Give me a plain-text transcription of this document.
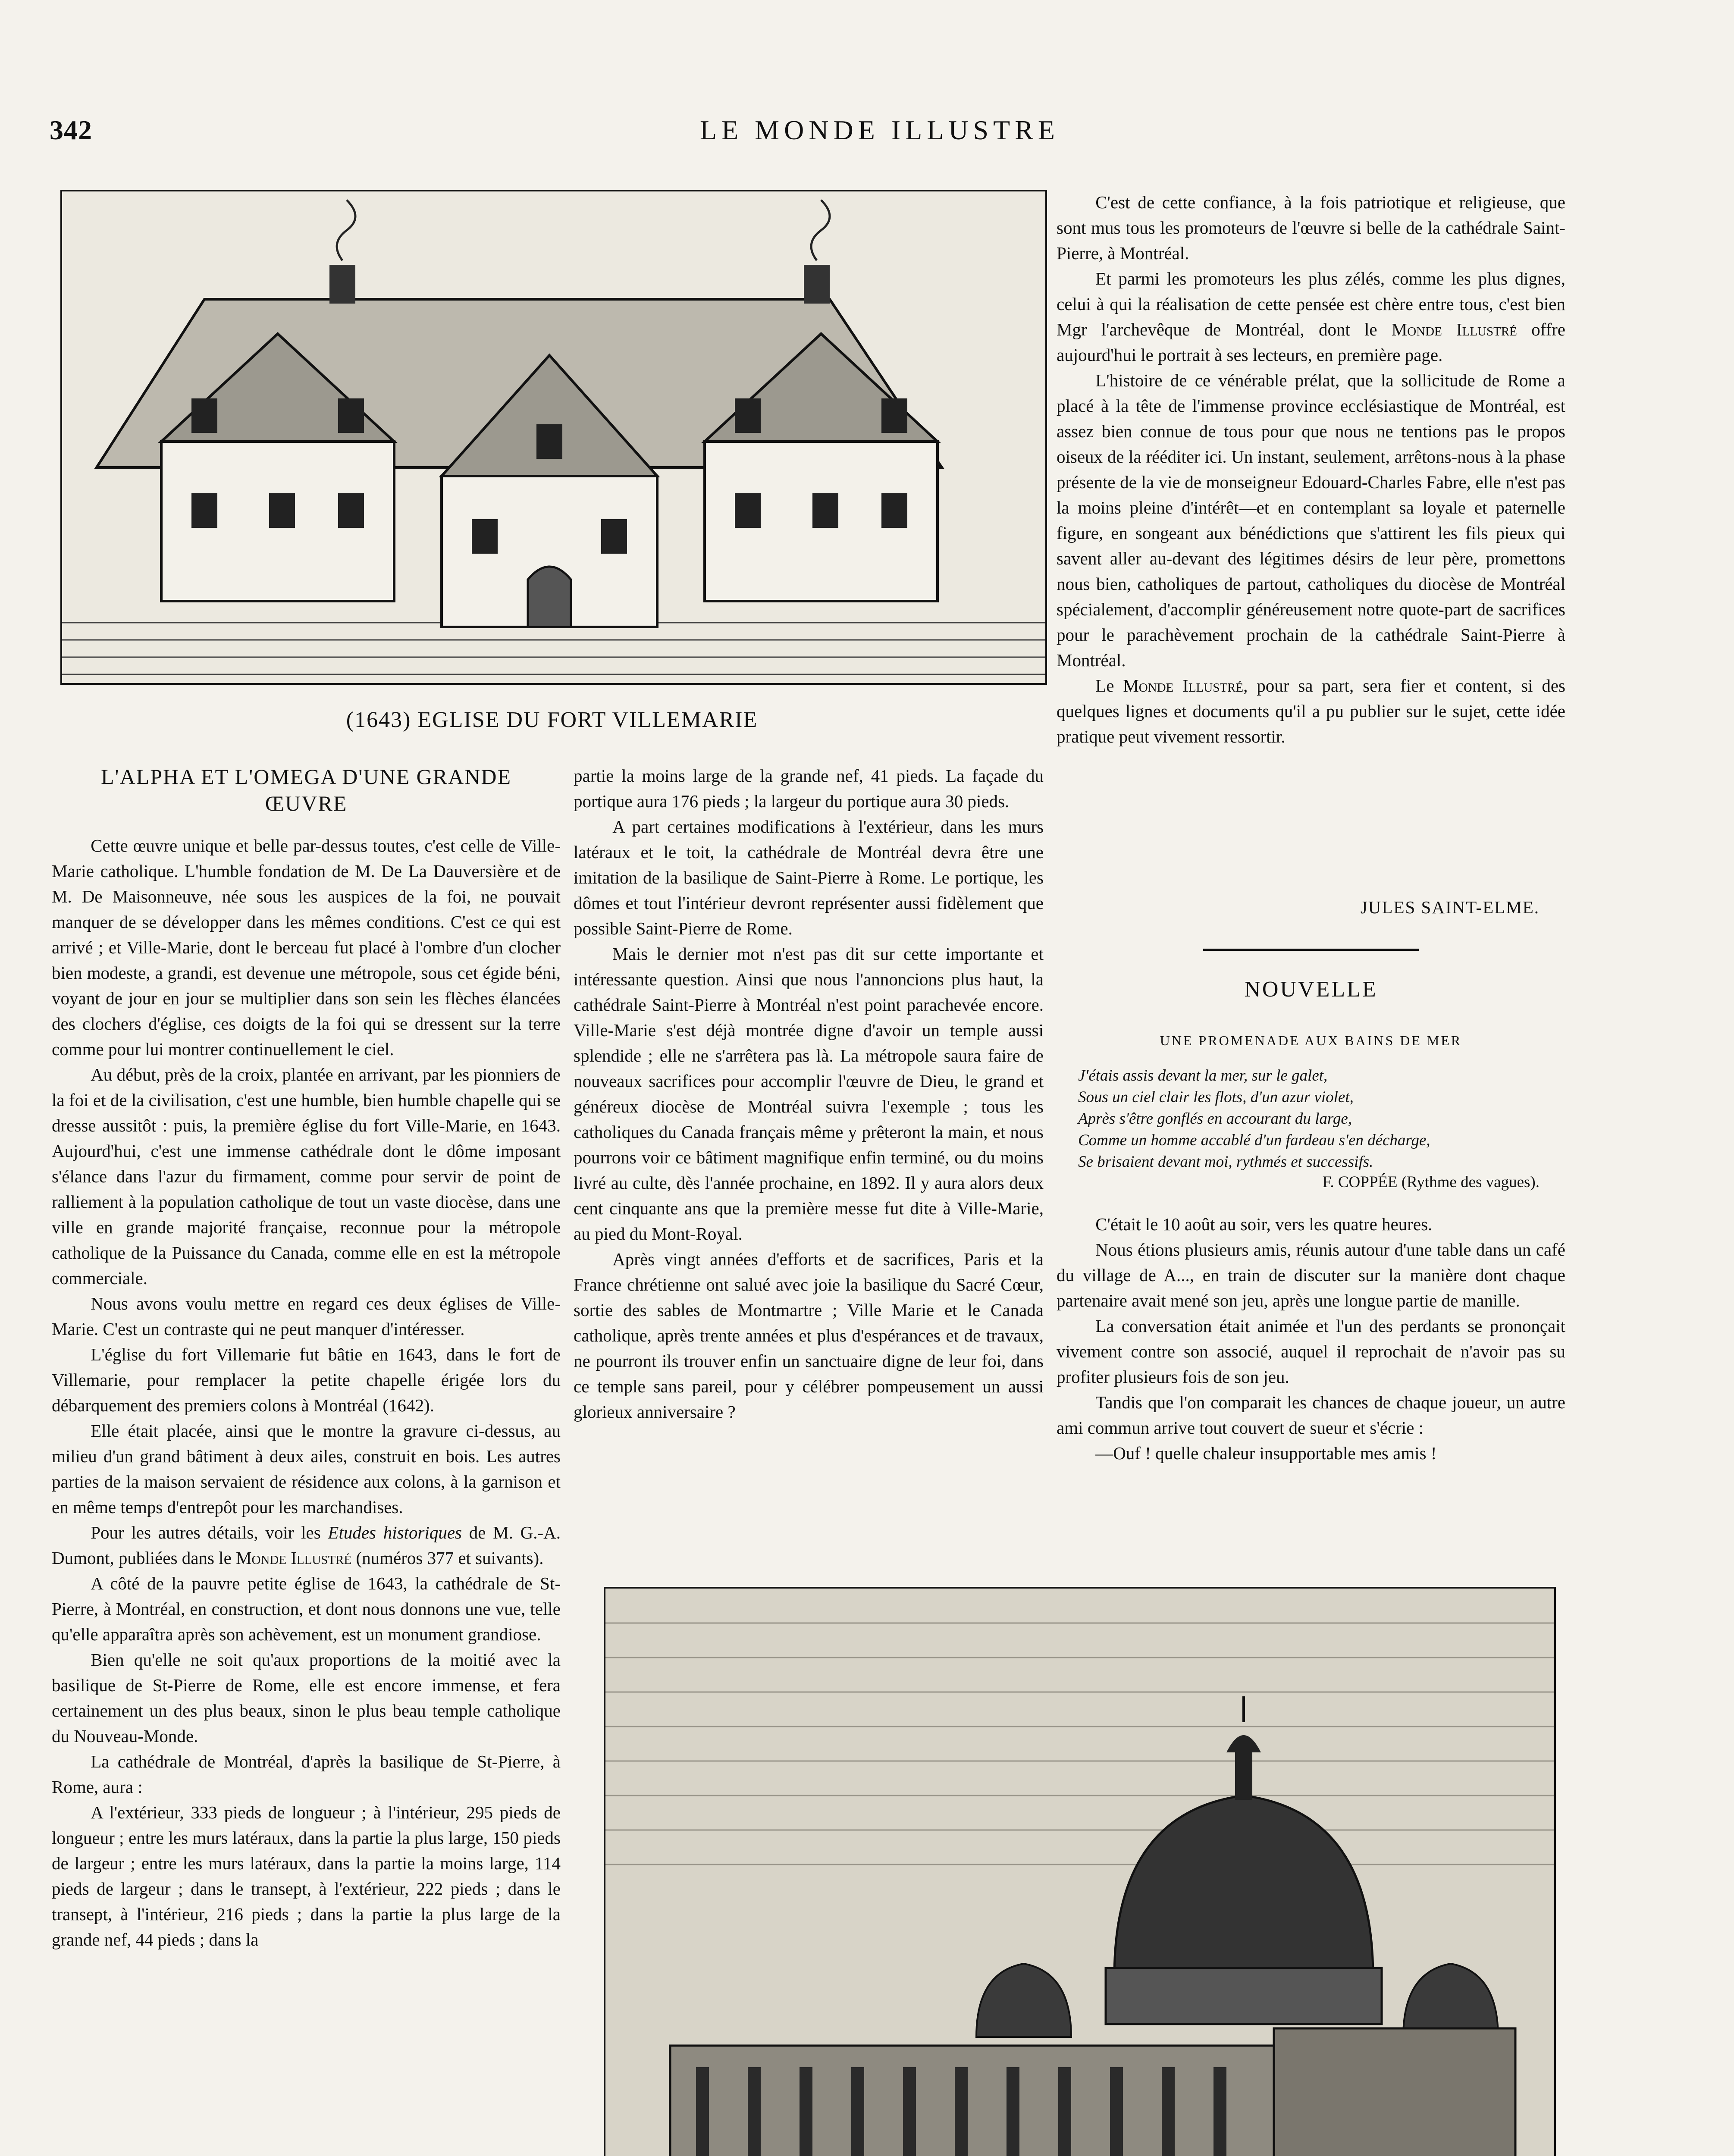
342	LE MONDE ILLUSTRE
(1643) EGLISE DU FORT VILLEMARIE
L'ALPHA ET L'OMEGA D'UNE GRANDE
ŒUVRE

Cette œuvre unique et belle par-dessus toutes, c'est celle de Ville-Marie catholique. L'humble fondation de M. De La Dauversière et de M. De Maisonneuve, née sous les auspices de la foi, ne pouvait manquer de se développer dans les mêmes conditions. C'est ce qui est arrivé ; et Ville-Marie, dont le berceau fut placé à l'ombre d'un clocher bien modeste, a grandi, est devenue une métropole, sous cet égide béni, voyant de jour en jour se multiplier dans son sein les flèches élancées des clochers d'église, ces doigts de la foi qui se dressent sur la terre comme pour lui montrer continuellement le ciel.

Au début, près de la croix, plantée en arrivant, par les pionniers de la foi et de la civilisation, c'est une humble, bien humble chapelle qui se dresse aussitôt : puis, la première église du fort Ville-Marie, en 1643. Aujourd'hui, c'est une immense cathédrale dont le dôme imposant s'élance dans l'azur du firmament, comme pour servir de point de ralliement à la population catholique de tout un vaste diocèse, dans une ville en grande majorité française, reconnue pour la métropole catholique de la Puissance du Canada, comme elle en est la métropole commerciale.

Nous avons voulu mettre en regard ces deux églises de Ville-Marie. C'est un contraste qui ne peut manquer d'intéresser.

L'église du fort Villemarie fut bâtie en 1643, dans le fort de Villemarie, pour remplacer la petite chapelle érigée lors du débarquement des premiers colons à Montréal (1642).

Elle était placée, ainsi que le montre la gravure ci-dessus, au milieu d'un grand bâtiment à deux ailes, construit en bois. Les autres parties de la maison servaient de résidence aux colons, à la garnison et en même temps d'entrepôt pour les marchandises.

Pour les autres détails, voir les Etudes historiques de M. G.-A. Dumont, publiées dans le Monde Illustré (numéros 377 et suivants).

A côté de la pauvre petite église de 1643, la cathédrale de St-Pierre, à Montréal, en construction, et dont nous donnons une vue, telle qu'elle apparaîtra après son achèvement, est un monument grandiose.

Bien qu'elle ne soit qu'aux proportions de la moitié avec la basilique de St-Pierre de Rome, elle est encore immense, et fera certainement un des plus beaux, sinon le plus beau temple catholique du Nouveau-Monde.

La cathédrale de Montréal, d'après la basilique de St-Pierre, à Rome, aura :

A l'extérieur, 333 pieds de longueur ; à l'intérieur, 295 pieds de longueur ; entre les murs latéraux, dans la partie la plus large, 150 pieds de largeur ; entre les murs latéraux, dans la partie la moins large, 114 pieds de largeur ; dans le transept, à l'extérieur, 222 pieds ; dans le transept, à l'intérieur, 216 pieds ; dans la partie la plus large de la grande nef, 44 pieds ; dans la

partie la moins large de la grande nef, 41 pieds. La façade du portique aura 176 pieds ; la largeur du portique aura 30 pieds.

A part certaines modifications à l'extérieur, dans les murs latéraux et le toit, la cathédrale de Montréal devra être une imitation de la basilique de Saint-Pierre à Rome. Le portique, les dômes et tout l'intérieur devront représenter aussi fidèlement que possible Saint-Pierre de Rome.

Mais le dernier mot n'est pas dit sur cette importante et intéressante question. Ainsi que nous l'annoncions plus haut, la cathédrale Saint-Pierre à Montréal n'est point parachevée encore. Ville-Marie s'est déjà montrée digne d'avoir un temple aussi splendide ; elle ne s'arrêtera pas là. La métropole saura faire de nouveaux sacrifices pour accomplir l'œuvre de Dieu, le grand et généreux diocèse de Montréal suivra l'exemple ; tous les catholiques du Canada français même y prêteront la main, et nous pourrons voir ce bâtiment magnifique enfin terminé, ou du moins livré au culte, dès l'année prochaine, en 1892. Il y aura alors deux cent cinquante ans que la première messe fut dite à Ville-Marie, au pied du Mont-Royal.

Après vingt années d'efforts et de sacrifices, Paris et la France chrétienne ont salué avec joie la basilique du Sacré Cœur, sortie des sables de Montmartre ; Ville Marie et le Canada catholique, après trente années et plus d'espérances et de travaux, ne pourront ils trouver enfin un sanctuaire digne de leur foi, dans ce temple sans pareil, pour y célébrer pompeusement un aussi glorieux anniversaire ?

C'est de cette confiance, à la fois patriotique et religieuse, que sont mus tous les promoteurs de l'œuvre si belle de la cathédrale Saint-Pierre, à Montréal.

Et parmi les promoteurs les plus zélés, comme les plus dignes, celui à qui la réalisation de cette pensée est chère entre tous, c'est bien Mgr l'archevêque de Montréal, dont le Monde Illustré offre aujourd'hui le portrait à ses lecteurs, en première page.

L'histoire de ce vénérable prélat, que la sollicitude de Rome a placé à la tête de l'immense province ecclésiastique de Montréal, est assez bien connue de tous pour que nous ne tentions pas le propos oiseux de la rééditer ici. Un instant, seulement, arrêtons-nous à la phase présente de la vie de monseigneur Edouard-Charles Fabre, elle n'est pas la moins pleine d'intérêt—et en contemplant sa loyale et paternelle figure, en songeant aux bénédictions que s'attirent les fils pieux qui savent aller au-devant des légitimes désirs de leur père, promettons nous bien, catholiques de partout, catholiques du diocèse de Montréal spécialement, d'accomplir généreusement notre quote-part de sacrifices pour le parachèvement prochain de la cathédrale Saint-Pierre à Montréal.

Le Monde Illustré, pour sa part, sera fier et content, si des quelques lignes et documents qu'il a pu publier sur le sujet, cette idée pratique peut vivement ressortir.

JULES SAINT-ELME.
NOUVELLE
UNE PROMENADE AUX BAINS DE MER
J'étais assis devant la mer, sur le galet,
Sous un ciel clair les flots, d'un azur violet,
Après s'être gonflés en accourant du large,
Comme un homme accablé d'un fardeau s'en décharge,
Se brisaient devant moi, rythmés et successifs.
F. COPPÉE (Rythme des vagues).

C'était le 10 août au soir, vers les quatre heures.

Nous étions plusieurs amis, réunis autour d'une table dans un café du village de A..., en train de discuter sur la manière dont chaque partenaire avait mené son jeu, après une longue partie de manille.

La conversation était animée et l'un des perdants se prononçait vivement contre son associé, auquel il reprochait de n'avoir pas su profiter plusieurs fois de son jeu.

Tandis que l'on comparait les chances de chaque joueur, un autre ami commun arrive tout couvert de sueur et s'écrie :

—Ouf ! quelle chaleur insupportable mes amis !
